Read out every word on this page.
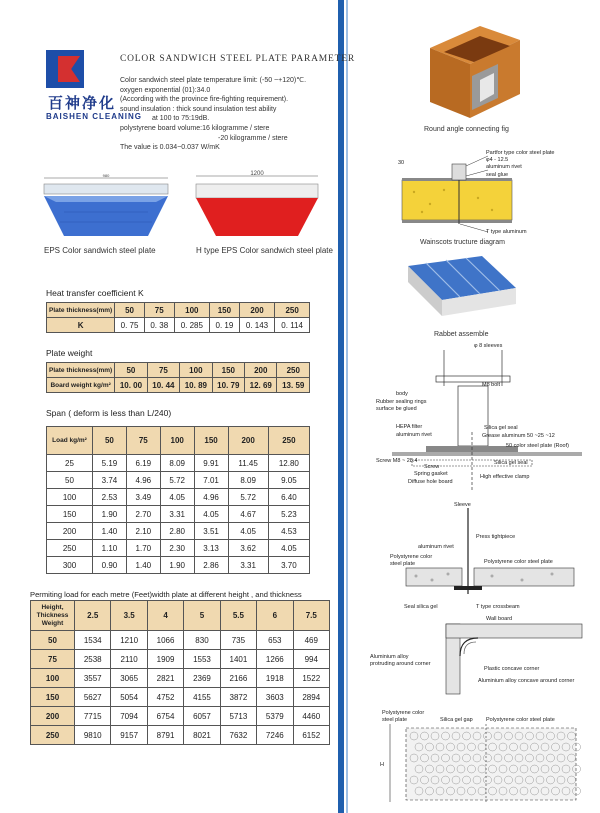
百神净化
BAISHEN CLEANING
COLOR SANDWICH STEEL PLATE PARAMETER
Color sandwich steel plate temperature limit: (-50 ~+120)℃.
oxygen exponential (01):34.0
(According with the province fire-fighting requirement).
sound insulation : thick sound insulation test ability
at 100 to 75:19dB.
polystyrene board volume:16 kilogramme / stere
-20 kilogramme / stere
The value is 0.034~0.037 W/mK
980
EPS Color sandwich steel plate
1200
H type EPS Color sandwich steel plate
Heat transfer coefficient K
Plate thickness(mm)	50	75	100	150	200	250
K	0. 75	0. 38	0. 285	0. 19	0. 143	0. 114
Plate weight
Plate thickness(mm)	50	75	100	150	200	250
Board weight kg/m²	10. 00	10. 44	10. 89	10. 79	12. 69	13. 59
Span ( deform is less than L/240)
Load kg/m²	50	75	100	150	200	250
25	5.19	6.19	8.09	9.91	11.45	12.80
50	3.74	4.96	5.72	7.01	8.09	9.05
100	2.53	3.49	4.05	4.96	5.72	6.40
150	1.90	2.70	3.31	4.05	4.67	5.23
200	1.40	2.10	2.80	3.51	4.05	4.53
250	1.10	1.70	2.30	3.13	3.62	4.05
300	0.90	1.40	1.90	2.86	3.31	3.70
Permiting load for each metre (Feet)width plate at different height , and thickness
Height, Thickness Weight	2.5	3.5	4	5	5.5	6	7.5
50	1534	1210	1066	830	735	653	469
75	2538	2110	1909	1553	1401	1266	994
100	3557	3065	2821	2369	2166	1918	1522
150	5627	5054	4752	4155	3872	3603	2894
200	7715	7094	6754	6057	5713	5379	4460
250	9810	9157	8791	8021	7632	7246	6152
Round angle connecting fig
Partfor type color steel plate
φ4 - 12.5
aluminum rivet
seal glue
T type aluminum
30
Wainscots tructure diagram
Rabbet assemble
φ 8 sleeves
M8 bolt
body
Rubber sealing rings
surface be glued
HEPA filter
aluminum rivet
Silica gel seal
Grease aluminum 50 ~25 ~12
50 color steel plate (Roof)
Screw M8 ~ 28.4
Screw
Spring gasket
Silica gel seal
Diffuse hole board
High effective clamp
Sleeve
Press tightpiece
aluminum rivet
Polystyrene color
steel plate	Polystyrene color steel plate
Seal silica gel	T type crossbeam
Wall board
Aluminium alloy
protruding around corner
Plastic concave corner
Aluminium alloy concave around corner
Polystyrene color
steel plate	Silica gel gap Polystyrene color steel plate
H
